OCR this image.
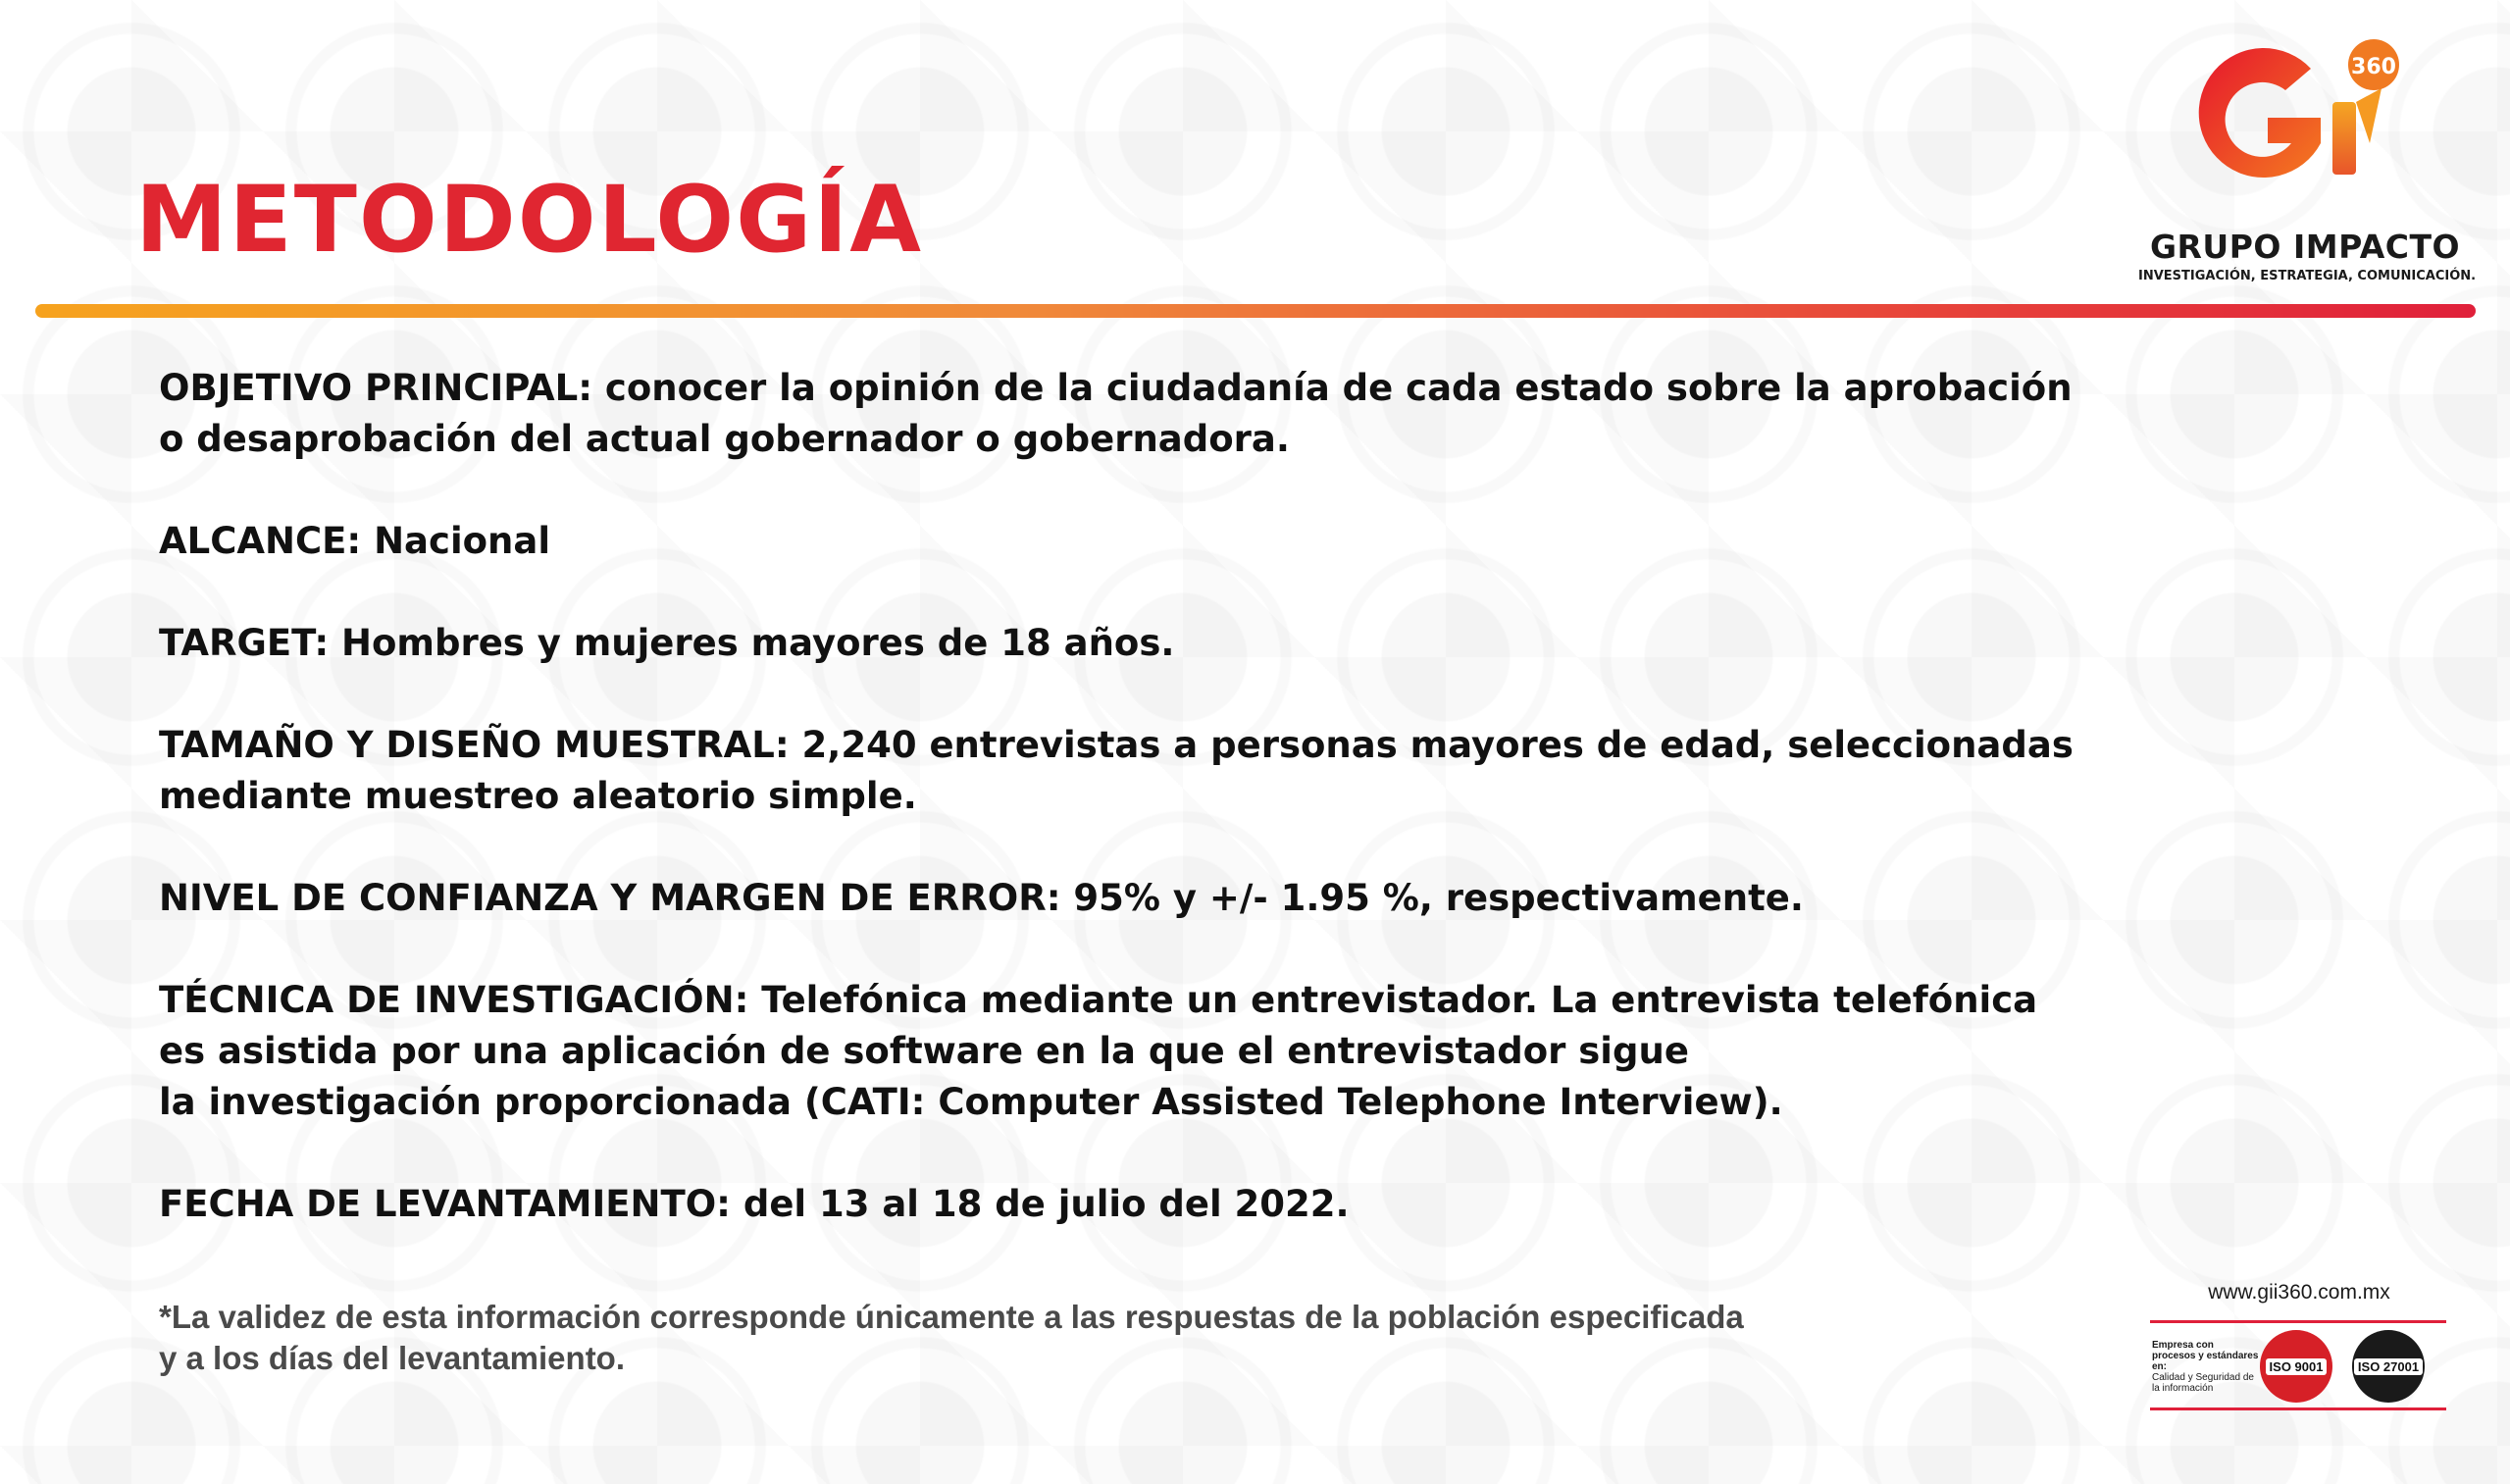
METODOLOGÍA
360
GRUPO IMPACTO
INVESTIGACIÓN, ESTRATEGIA, COMUNICACIÓN.

OBJETIVO PRINCIPAL: conocer la opinión de la ciudadanía de cada estado sobre la aprobación
o desaprobación del actual gobernador o gobernadora.

ALCANCE: Nacional

TARGET: Hombres y mujeres mayores de 18 años.

TAMAÑO Y DISEÑO MUESTRAL: 2,240 entrevistas a personas mayores de edad, seleccionadas
mediante muestreo aleatorio simple.

NIVEL DE CONFIANZA Y MARGEN DE ERROR: 95% y +/- 1.95 %, respectivamente.

TÉCNICA DE INVESTIGACIÓN: Telefónica mediante un entrevistador. La entrevista telefónica
es asistida por una aplicación de software en la que el entrevistador sigue
la investigación proporcionada (CATI: Computer Assisted Telephone Interview).

FECHA DE LEVANTAMIENTO: del 13 al 18 de julio del 2022.

*La validez de esta información corresponde únicamente a las respuestas de la población especificada
y a los días del levantamiento.
www.gii360.com.mx
Empresa con procesos y estándares en:
Calidad y Seguridad de la información
ISO 9001	ISO 27001
